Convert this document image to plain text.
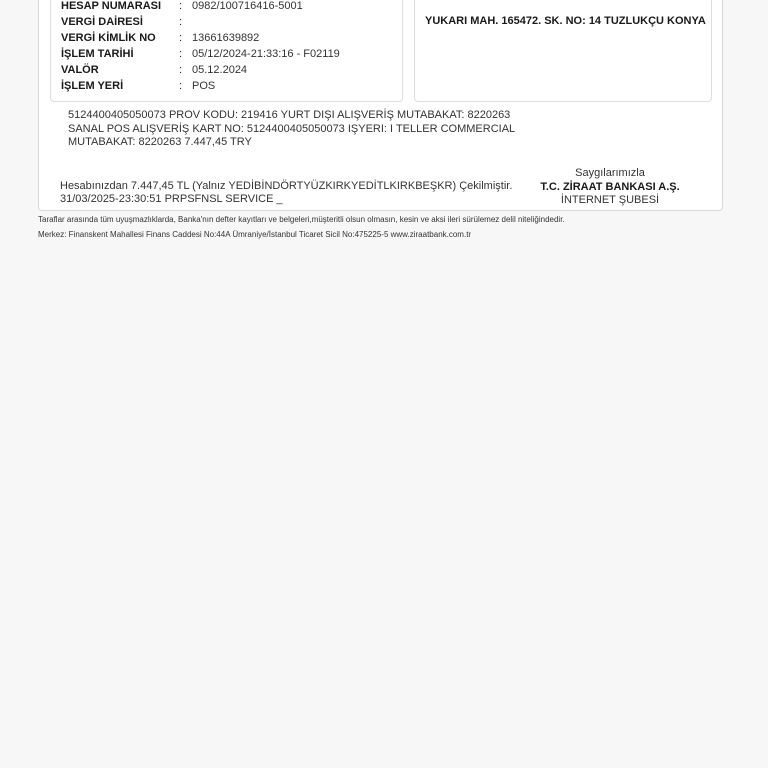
HESAP NUMARASI : 0982/100716416-5001
VERGİ DAİRESİ	:
VERGİ KİMLİK NO : 13661639892
İŞLEM TARİHİ	: 05/12/2024-21:33:16 - F02119
VALÖR	: 05.12.2024
İŞLEM YERİ	: POS
YUKARI MAH. 165472. SK. NO: 14 TUZLUKÇU KONYA
5124400405050073 PROV KODU: 219416 YURT DIŞI ALIŞVERİŞ MUTABAKAT: 8220263
SANAL POS ALIŞVERİŞ KART NO: 5124400405050073 IŞYERI: I TELLER COMMERCIAL
MUTABAKAT: 8220263 7.447,45 TRY
Hesabınızdan 7.447,45 TL (Yalnız YEDİBİNDÖRTYÜZKIRKYEDİTLKIRKBEŞKR) Çekilmiştir.
31/03/2025-23:30:51 PRPSFNSL SERVICE _
Saygılarımızla
T.C. ZİRAAT BANKASI A.Ş.
İNTERNET ŞUBESİ
Taraflar arasında tüm uyuşmazlıklarda, Banka'nın defter kayıtları ve belgeleri,müşteritli olsun olmasın, kesin ve aksi ileri sürülemez delil niteliğindedir.
Merkez: Finanskent Mahallesi Finans Caddesi No:44A Ümraniye/İstanbul Ticaret Sicil No:475225-5 www.ziraatbank.com.tr
